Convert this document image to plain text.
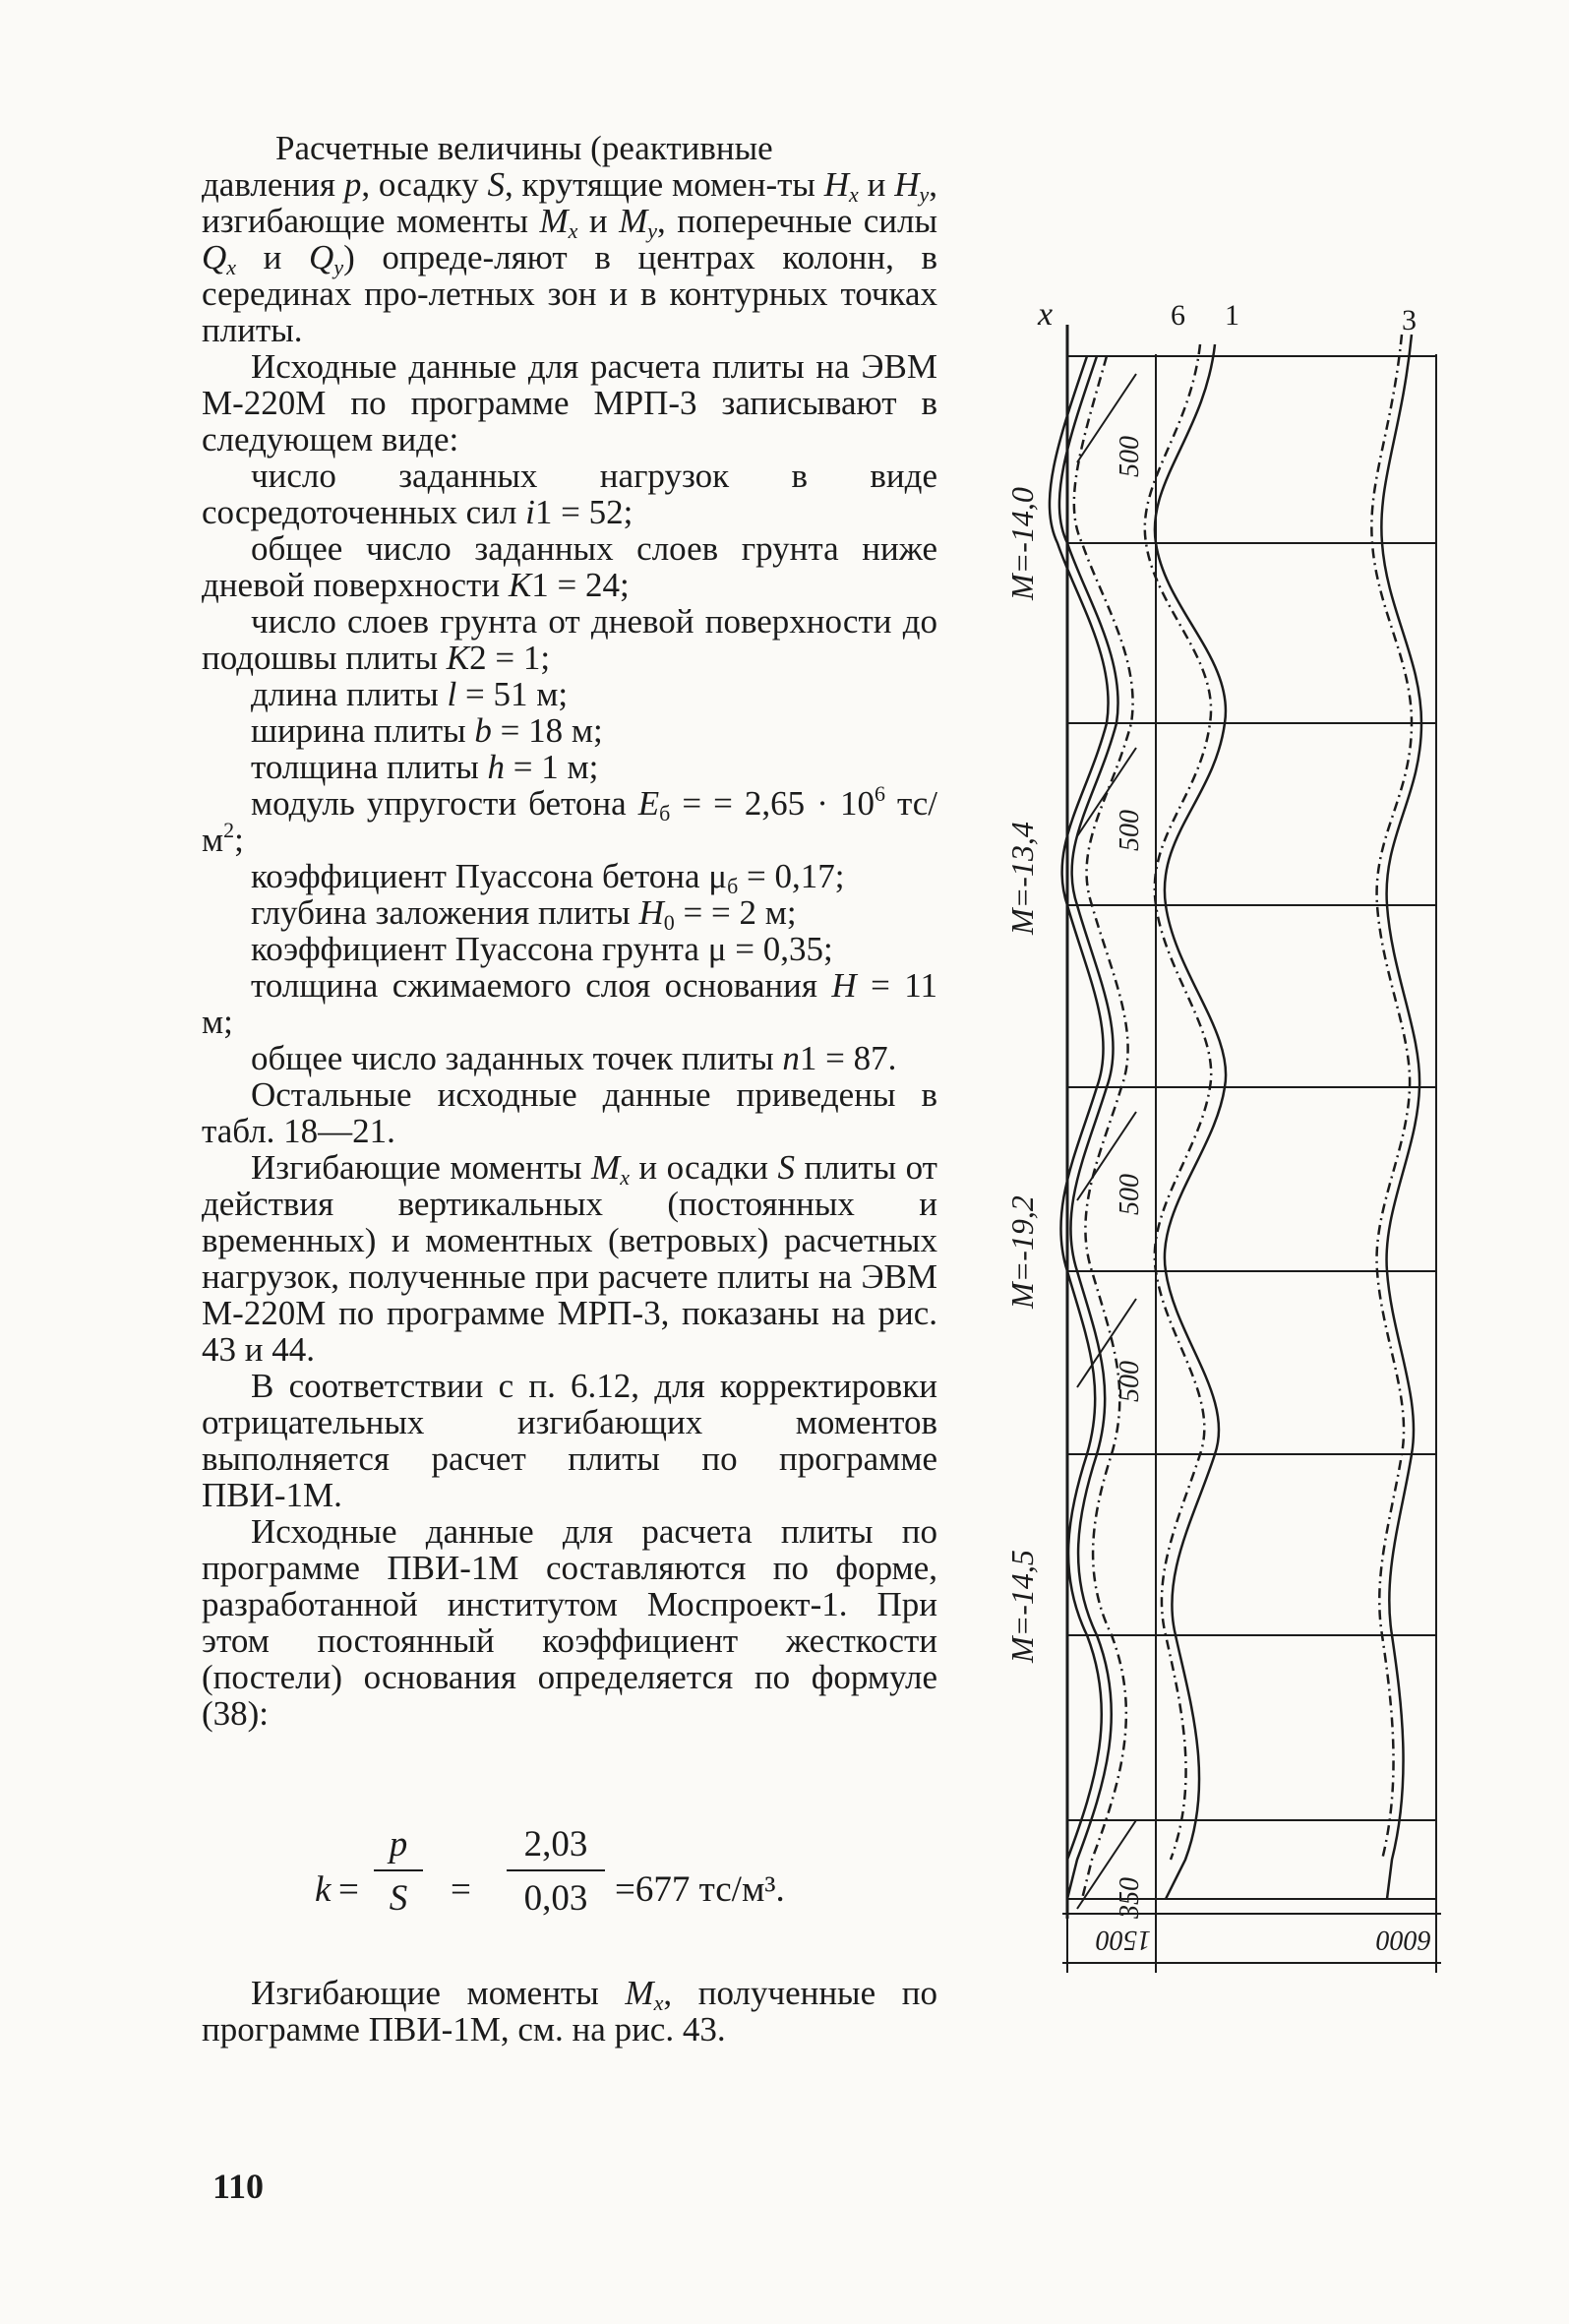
Расчетные величины (реактивные

давления p, осадку S, крутящие момен-ты $H_x$ и $H_y$, изгибающие моменты $M_x$ и $M_y$, поперечные силы $Q_x$ и $Q_y$) опреде-ляют в центрах колонн, в серединах про-летных зон и в контурных точках плиты.

Исходные данные для расчета плиты на ЭВМ М-220М по программе МРП-3 записывают в следующем виде:

число заданных нагрузок в виде сосредоточенных сил i1 = 52;

общее число заданных слоев грунта ниже дневой поверхности K1 = 24;

число слоев грунта от дневой поверхности до подошвы плиты K2 = 1;

длина плиты l = 51 м;

ширина плиты b = 18 м;

толщина плиты h = 1 м;

модуль упругости бетона $E_б$ = = $2,65 \cdot 10^6$ $тс/м^2$;

коэффициент Пуассона бетона $\mu_б = 0,17$;

глубина заложения плиты $H_0$ = = 2 м;

коэффициент Пуассона грунта μ = 0,35;

толщина сжимаемого слоя основания H = 11 м;

общее число заданных точек плиты n1 = 87.

Остальные исходные данные приведены в табл. 18—21.

Изгибающие моменты $M_x$ и осадки S плиты от действия вертикальных (постоянных и временных) и моментных (ветровых) расчетных нагрузок, полученные при расчете плиты на ЭВМ М-220М по программе МРП-3, показаны на рис. 43 и 44.

В соответствии с п. 6.12, для корректировки отрицательных изгибающих моментов выполняется расчет плиты по программе ПВИ-1М.

Исходные данные для расчета плиты по программе ПВИ-1М составляются по форме, разработанной институтом Моспроект-1. При этом постоянный коэффициент жесткости (постели) основания определяется по формуле (38):

$k = \frac{p}{S} = \frac{2,03}{0,03} =677$ тс/м³.

Изгибающие моменты $M_x$, полученные по программе ПВИ-1М, см. на рис. 43.

110
x	6 1	3
M=-14,0
M=-13,4
M=-19,2
M=-14,5
500
500
500
500
350
1500	6000
